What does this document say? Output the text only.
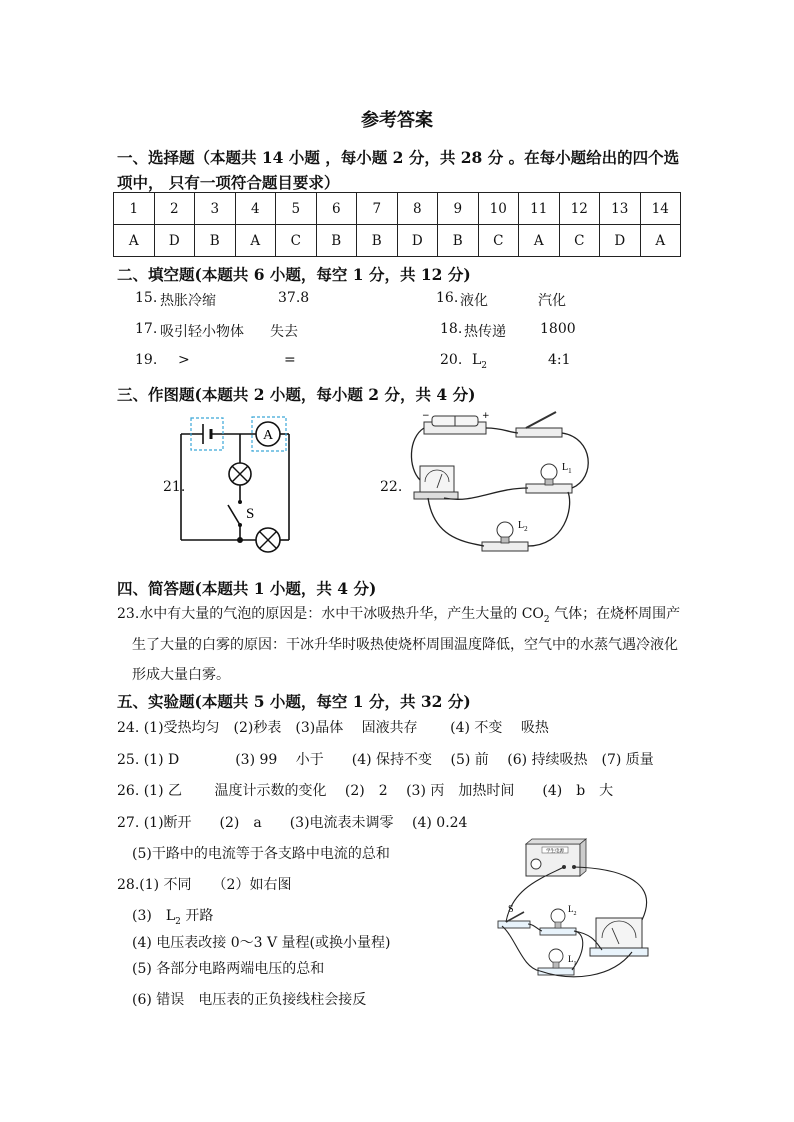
参考答案
一、选择题（本题共 14 小题 ，每小题 2 分，共 28 分 。在每小题给出的四个选
项中， 只有一项符合题目要求）
1	2	3	4	5	6	7	8	9	10	11	12	13	14
A	D	B	A	C	B	B	D	B	C	A	C	D	A
二、填空题(本题共 6 小题，每空 1 分，共 12 分)
15. 热胀冷缩	37.8	16. 液化	汽化
17. 吸引轻小物体 失去	18. 热传递 1800
19. >	=	20. $L_2$	4:1
三、作图题(本题共 2 小题，每小题 2 分，共 4 分)
21.
A
S
22.
−	+
$L_1$
$L_2$
四、简答题(本题共 1 小题，共 4 分)
23.水中有大量的气泡的原因是：水中干冰吸热升华，产生大量的 $CO_2$ 气体；在烧杯周围产
生了大量的白雾的原因：干冰升华时吸热使烧杯周围温度降低，空气中的水蒸气遇冷液化
形成大量白雾。
五、实验题(本题共 5 小题，每空 1 分，共 32 分)
24. (1)受热均匀　(2)秒表　(3)晶体　 固液共存　　 (4) 不变　 吸热
25. (1) D　　　　(3) 99　 小于　　(4) 保持不变　 (5) 前　 (6) 持续吸热　(7) 质量
26. (1) 乙　　 温度计示数的变化　 (2)　2　 (3) 丙　加热时间　　(4)　b　大
27. (1)断开　　(2)　a　　(3)电流表未调零　 (4) 0.24
(5)干路中的电流等于各支路中电流的总和
28.(1) 不同　　（2）如右图
(3)　$L_2$ 开路
(4) 电压表改接 0～3 V 量程(或换小量程)
(5) 各部分电路两端电压的总和
(6) 错误　电压表的正负接线柱会接反
学生电源
S	$L_2$
$L_1$
